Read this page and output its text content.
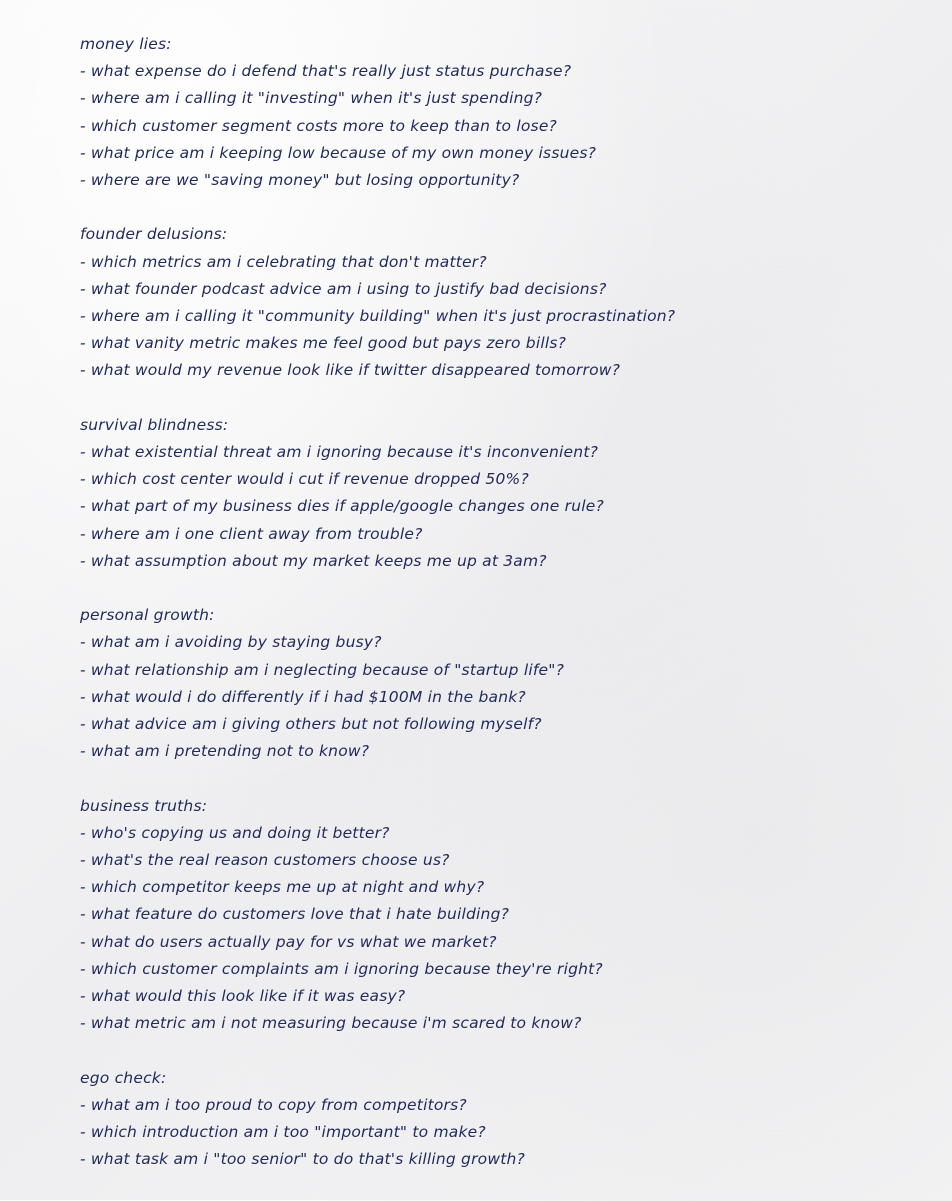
money lies:
- what expense do i defend that's really just status purchase?
- where am i calling it "investing" when it's just spending?
- which customer segment costs more to keep than to lose?
- what price am i keeping low because of my own money issues?
- where are we "saving money" but losing opportunity?
founder delusions:
- which metrics am i celebrating that don't matter?
- what founder podcast advice am i using to justify bad decisions?
- where am i calling it "community building" when it's just procrastination?
- what vanity metric makes me feel good but pays zero bills?
- what would my revenue look like if twitter disappeared tomorrow?
survival blindness:
- what existential threat am i ignoring because it's inconvenient?
- which cost center would i cut if revenue dropped 50%?
- what part of my business dies if apple/google changes one rule?
- where am i one client away from trouble?
- what assumption about my market keeps me up at 3am?
personal growth:
- what am i avoiding by staying busy?
- what relationship am i neglecting because of "startup life"?
- what would i do differently if i had $100M in the bank?
- what advice am i giving others but not following myself?
- what am i pretending not to know?
business truths:
- who's copying us and doing it better?
- what's the real reason customers choose us?
- which competitor keeps me up at night and why?
- what feature do customers love that i hate building?
- what do users actually pay for vs what we market?
- which customer complaints am i ignoring because they're right?
- what would this look like if it was easy?
- what metric am i not measuring because i'm scared to know?
ego check:
- what am i too proud to copy from competitors?
- which introduction am i too "important" to make?
- what task am i "too senior" to do that's killing growth?
